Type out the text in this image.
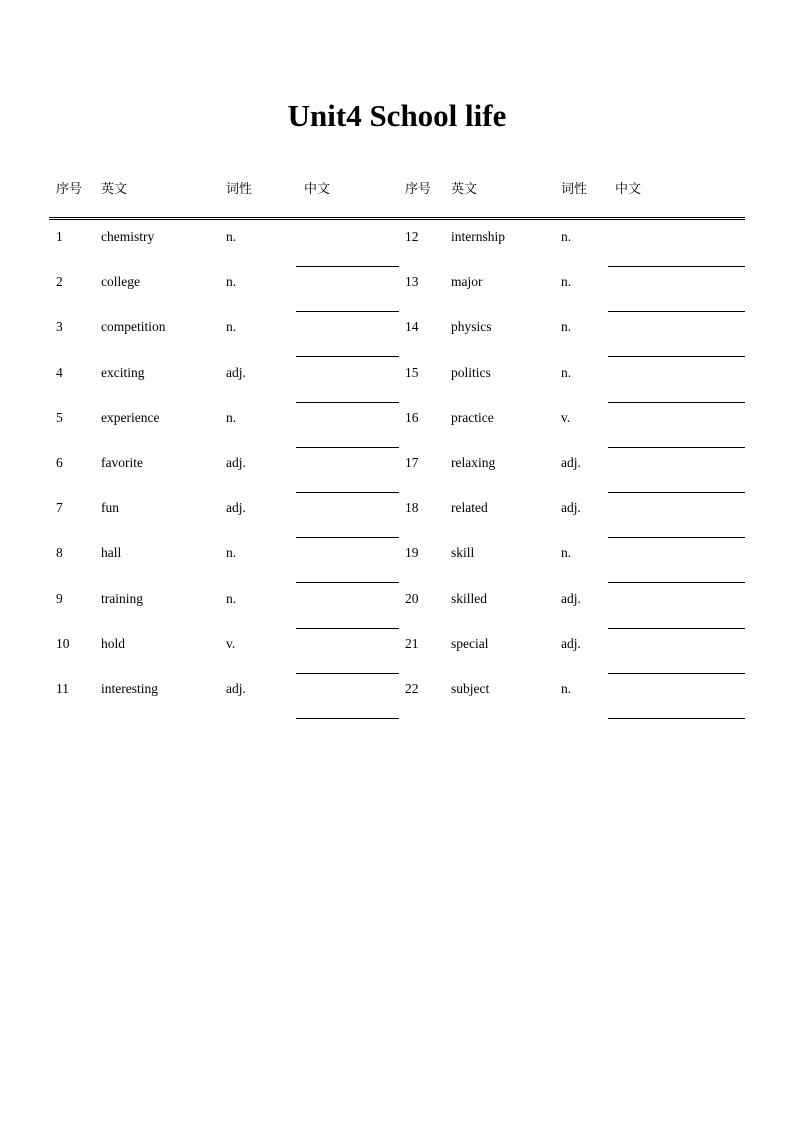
Unit4 School life
序号 英文	词性	中文	序号 英文	词性 中文
1	chemistry	n.	12 internship	n.
2	college	n.	13 major	n.
3	competition	n.	14 physics	n.
4	exciting	adj.	15 politics	n.
5	experience	n.	16 practice	v.
6	favorite	adj.	17 relaxing	adj.
7	fun	adj.	18 related	adj.
8	hall	n.	19 skill	n.
9	training	n.	20 skilled	adj.
10 hold	v.	21 special	adj.
11 interesting	adj.	22 subject	n.
